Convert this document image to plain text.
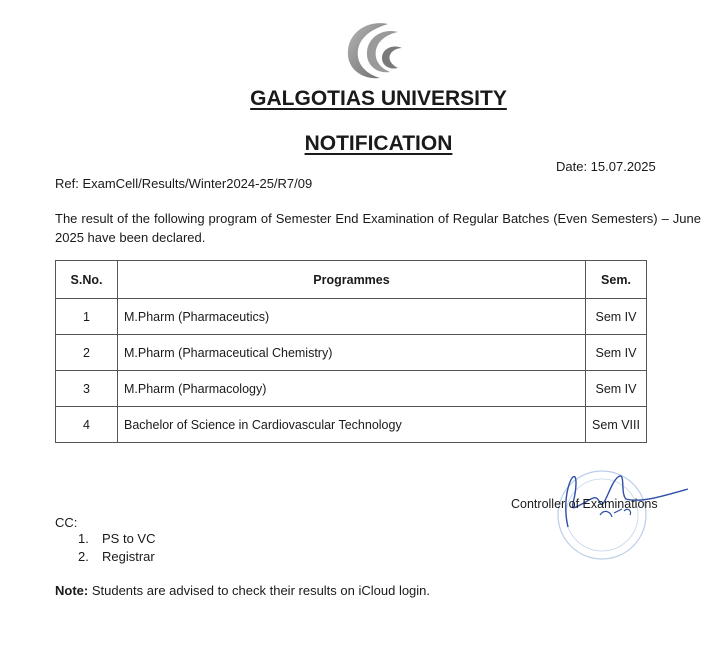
GALGOTIAS UNIVERSITY
NOTIFICATION
Date: 15.07.2025
Ref: ExamCell/Results/Winter2024-25/R7/09
The result of the following program of Semester End Examination of Regular Batches (Even Semesters) – June 2025 have been declared.
S.No.	Programmes	Sem.
1	M.Pharm (Pharmaceutics)	Sem IV
2	M.Pharm (Pharmaceutical Chemistry)	Sem IV
3	M.Pharm (Pharmacology)	Sem IV
4	Bachelor of Science in Cardiovascular Technology	Sem VIII
Controller of Examinations
CC:
1. PS to VC
2. Registrar
Note: Students are advised to check their results on iCloud login.
